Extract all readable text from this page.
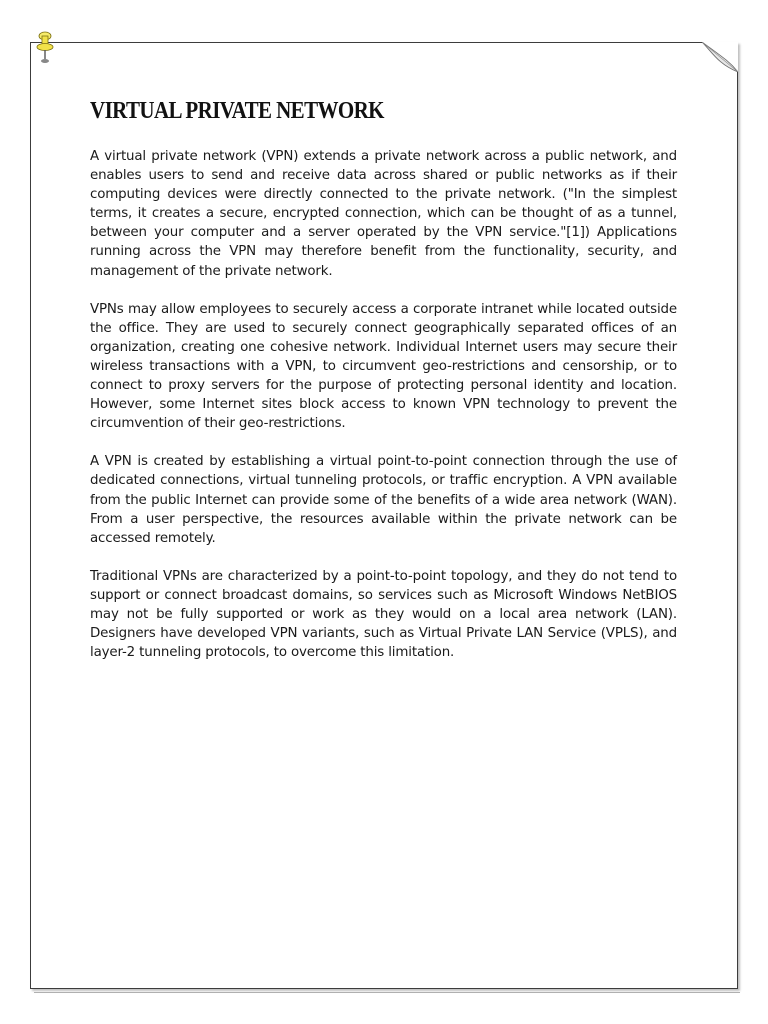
VIRTUAL PRIVATE NETWORK

A virtual private network (VPN) extends a private network across a public network, and enables users to send and receive data across shared or public networks as if their computing devices were directly connected to the private network. ("In the simplest terms, it creates a secure, encrypted connection, which can be thought of as a tunnel, between your computer and a server operated by the VPN service."[1]) Applications running across the VPN may therefore benefit from the functionality, security, and management of the private network.

VPNs may allow employees to securely access a corporate intranet while located outside the office. They are used to securely connect geographically separated offices of an organization, creating one cohesive network. Individual Internet users may secure their wireless transactions with a VPN, to circumvent geo-restrictions and censorship, or to connect to proxy servers for the purpose of protecting personal identity and location. However, some Internet sites block access to known VPN technology to prevent the circumvention of their geo-restrictions.

A VPN is created by establishing a virtual point-to-point connection through the use of dedicated connections, virtual tunneling protocols, or traffic encryption. A VPN available from the public Internet can provide some of the benefits of a wide area network (WAN). From a user perspective, the resources available within the private network can be accessed remotely.

Traditional VPNs are characterized by a point-to-point topology, and they do not tend to support or connect broadcast domains, so services such as Microsoft Windows NetBIOS may not be fully supported or work as they would on a local area network (LAN). Designers have developed VPN variants, such as Virtual Private LAN Service (VPLS), and layer-2 tunneling protocols, to overcome this limitation.
